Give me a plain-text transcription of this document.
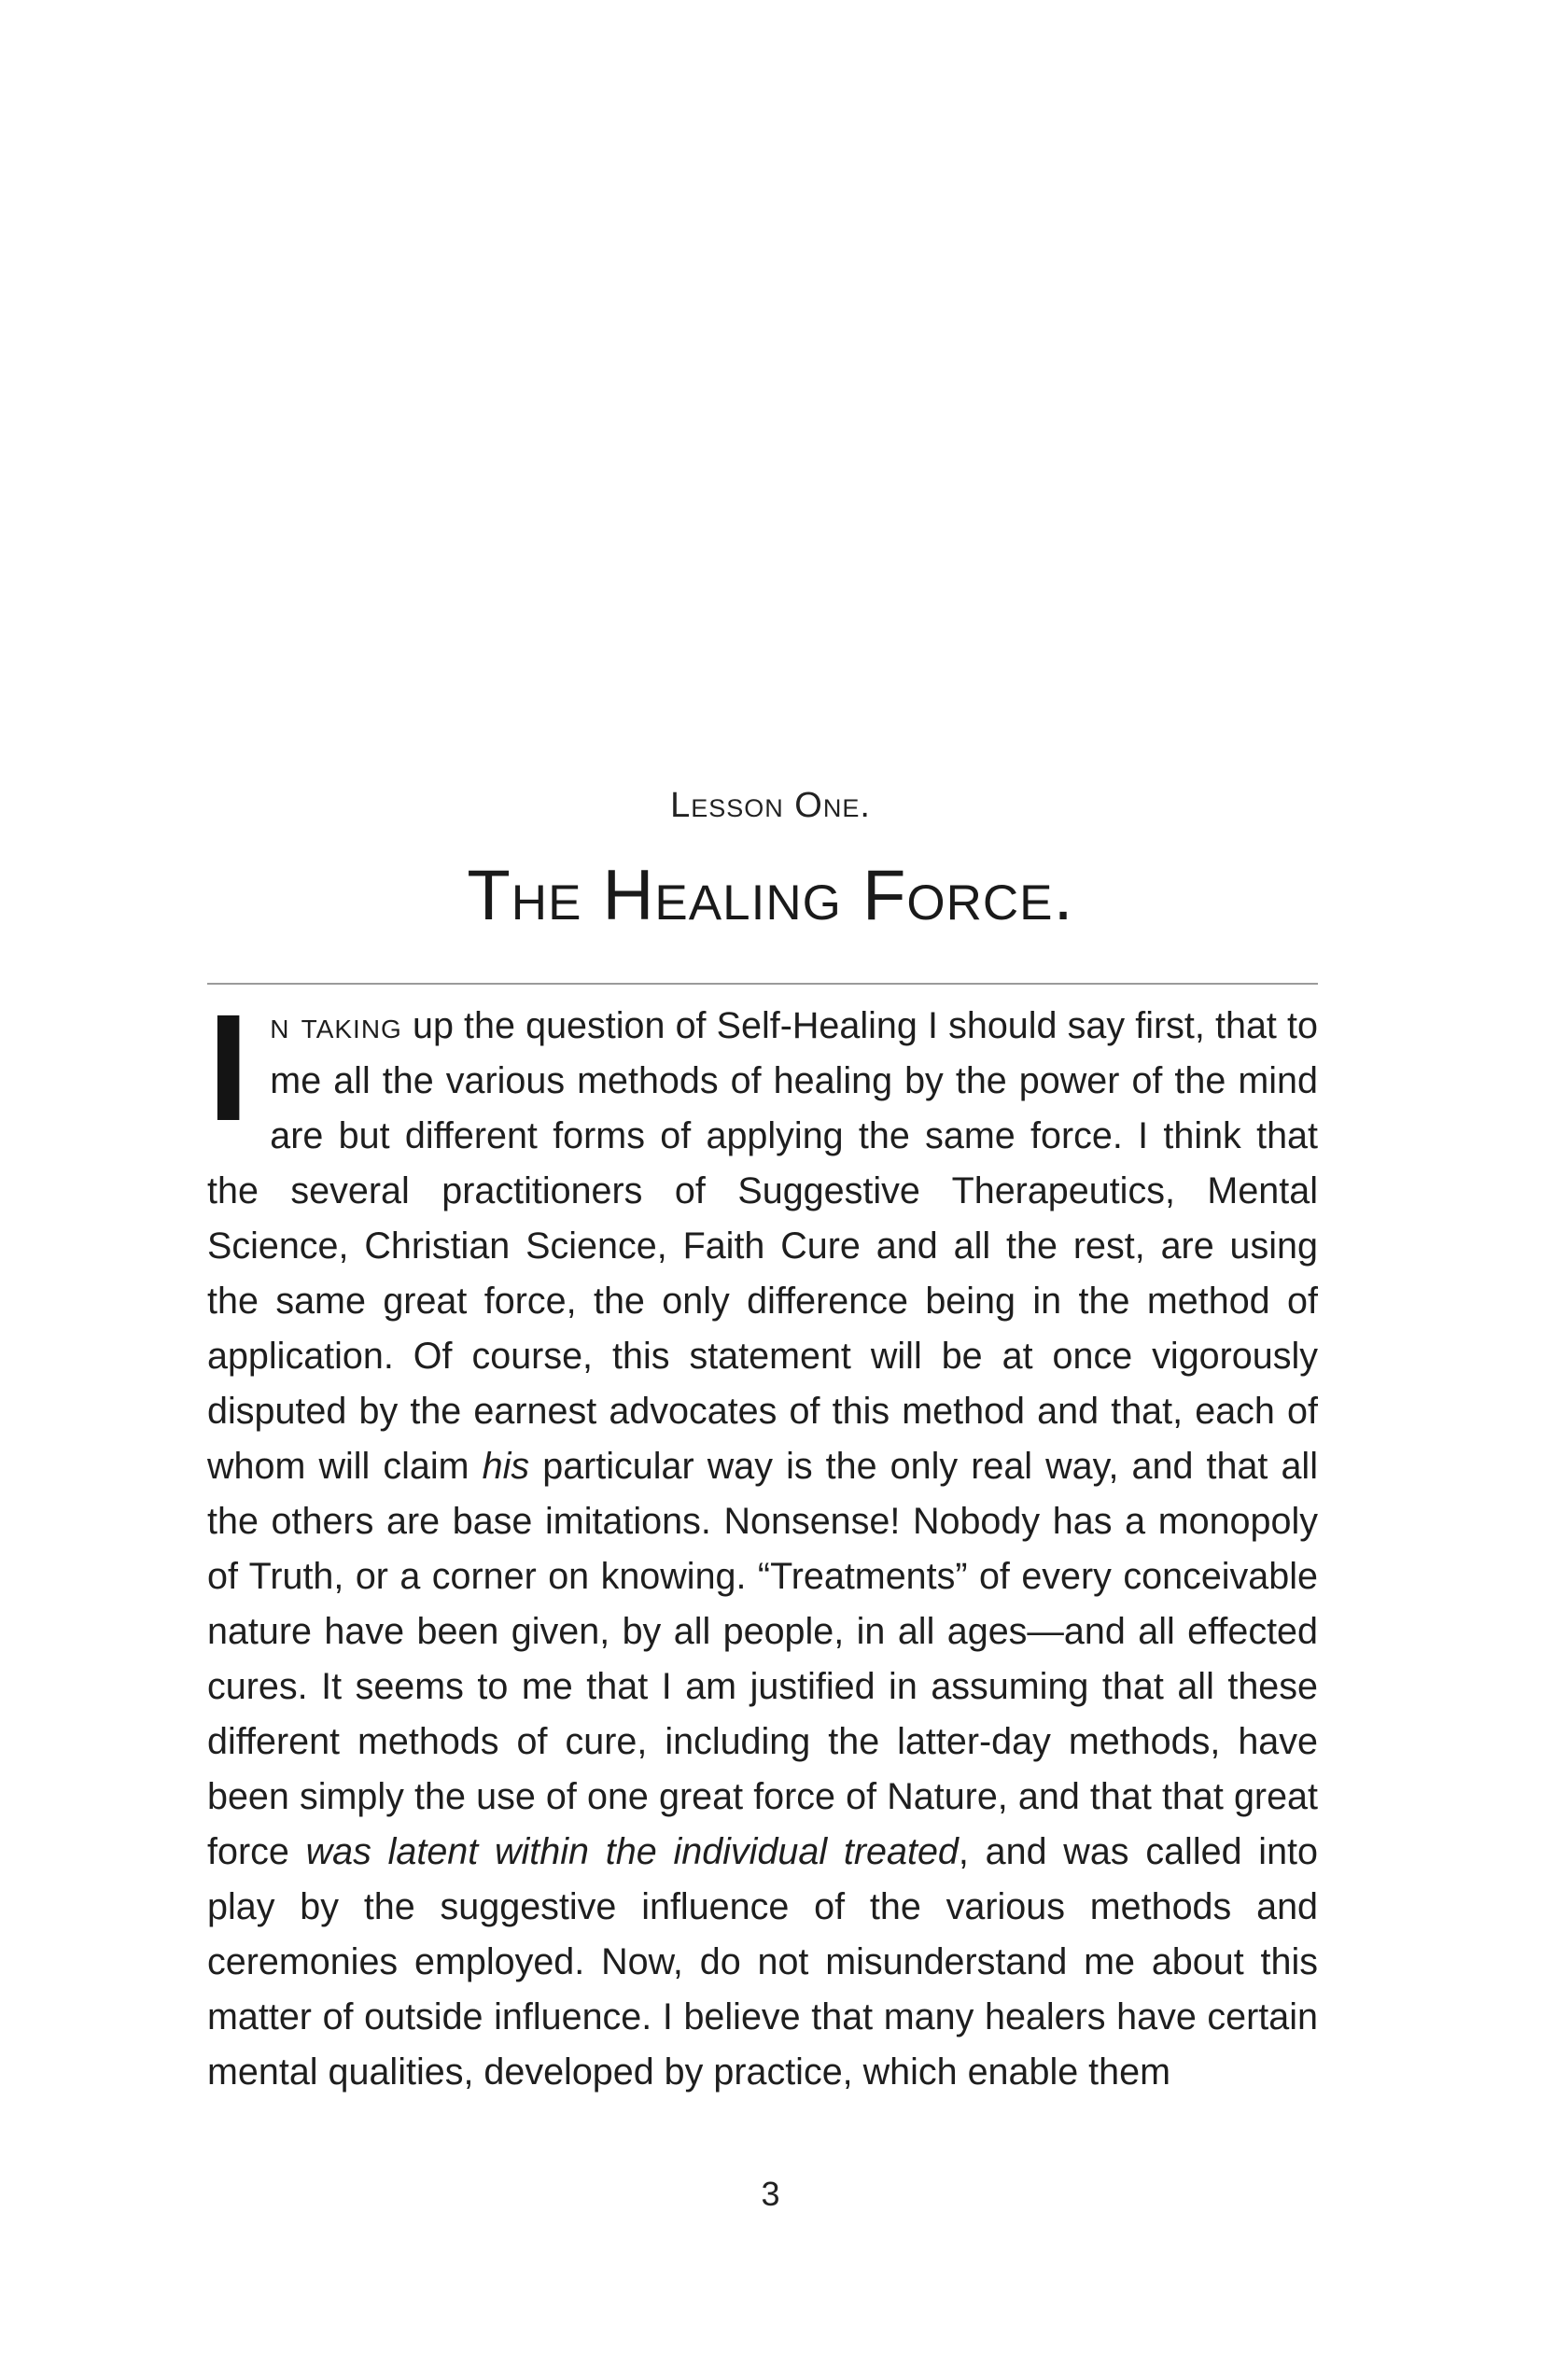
Lesson One.
The Healing Force.

In taking up the question of Self-Healing I should say first, that to me all the various methods of healing by the power of the mind are but different forms of applying the same force. I think that the several practitioners of Suggestive Therapeutics, Mental Science, Christian Science, Faith Cure and all the rest, are using the same great force, the only difference being in the method of application. Of course, this statement will be at once vigorously disputed by the earnest advocates of this method and that, each of whom will claim his particular way is the only real way, and that all the others are base imitations. Nonsense! Nobody has a monopoly of Truth, or a corner on knowing. “Treatments” of every conceivable nature have been given, by all people, in all ages—and all effected cures. It seems to me that I am justified in assuming that all these different methods of cure, including the latter-day methods, have been simply the use of one great force of Nature, and that that great force was latent within the individual treated, and was called into play by the suggestive influence of the various methods and ceremonies employed. Now, do not misunderstand me about this matter of outside influence. I believe that many healers have certain mental qualities, developed by practice, which enable them

3
